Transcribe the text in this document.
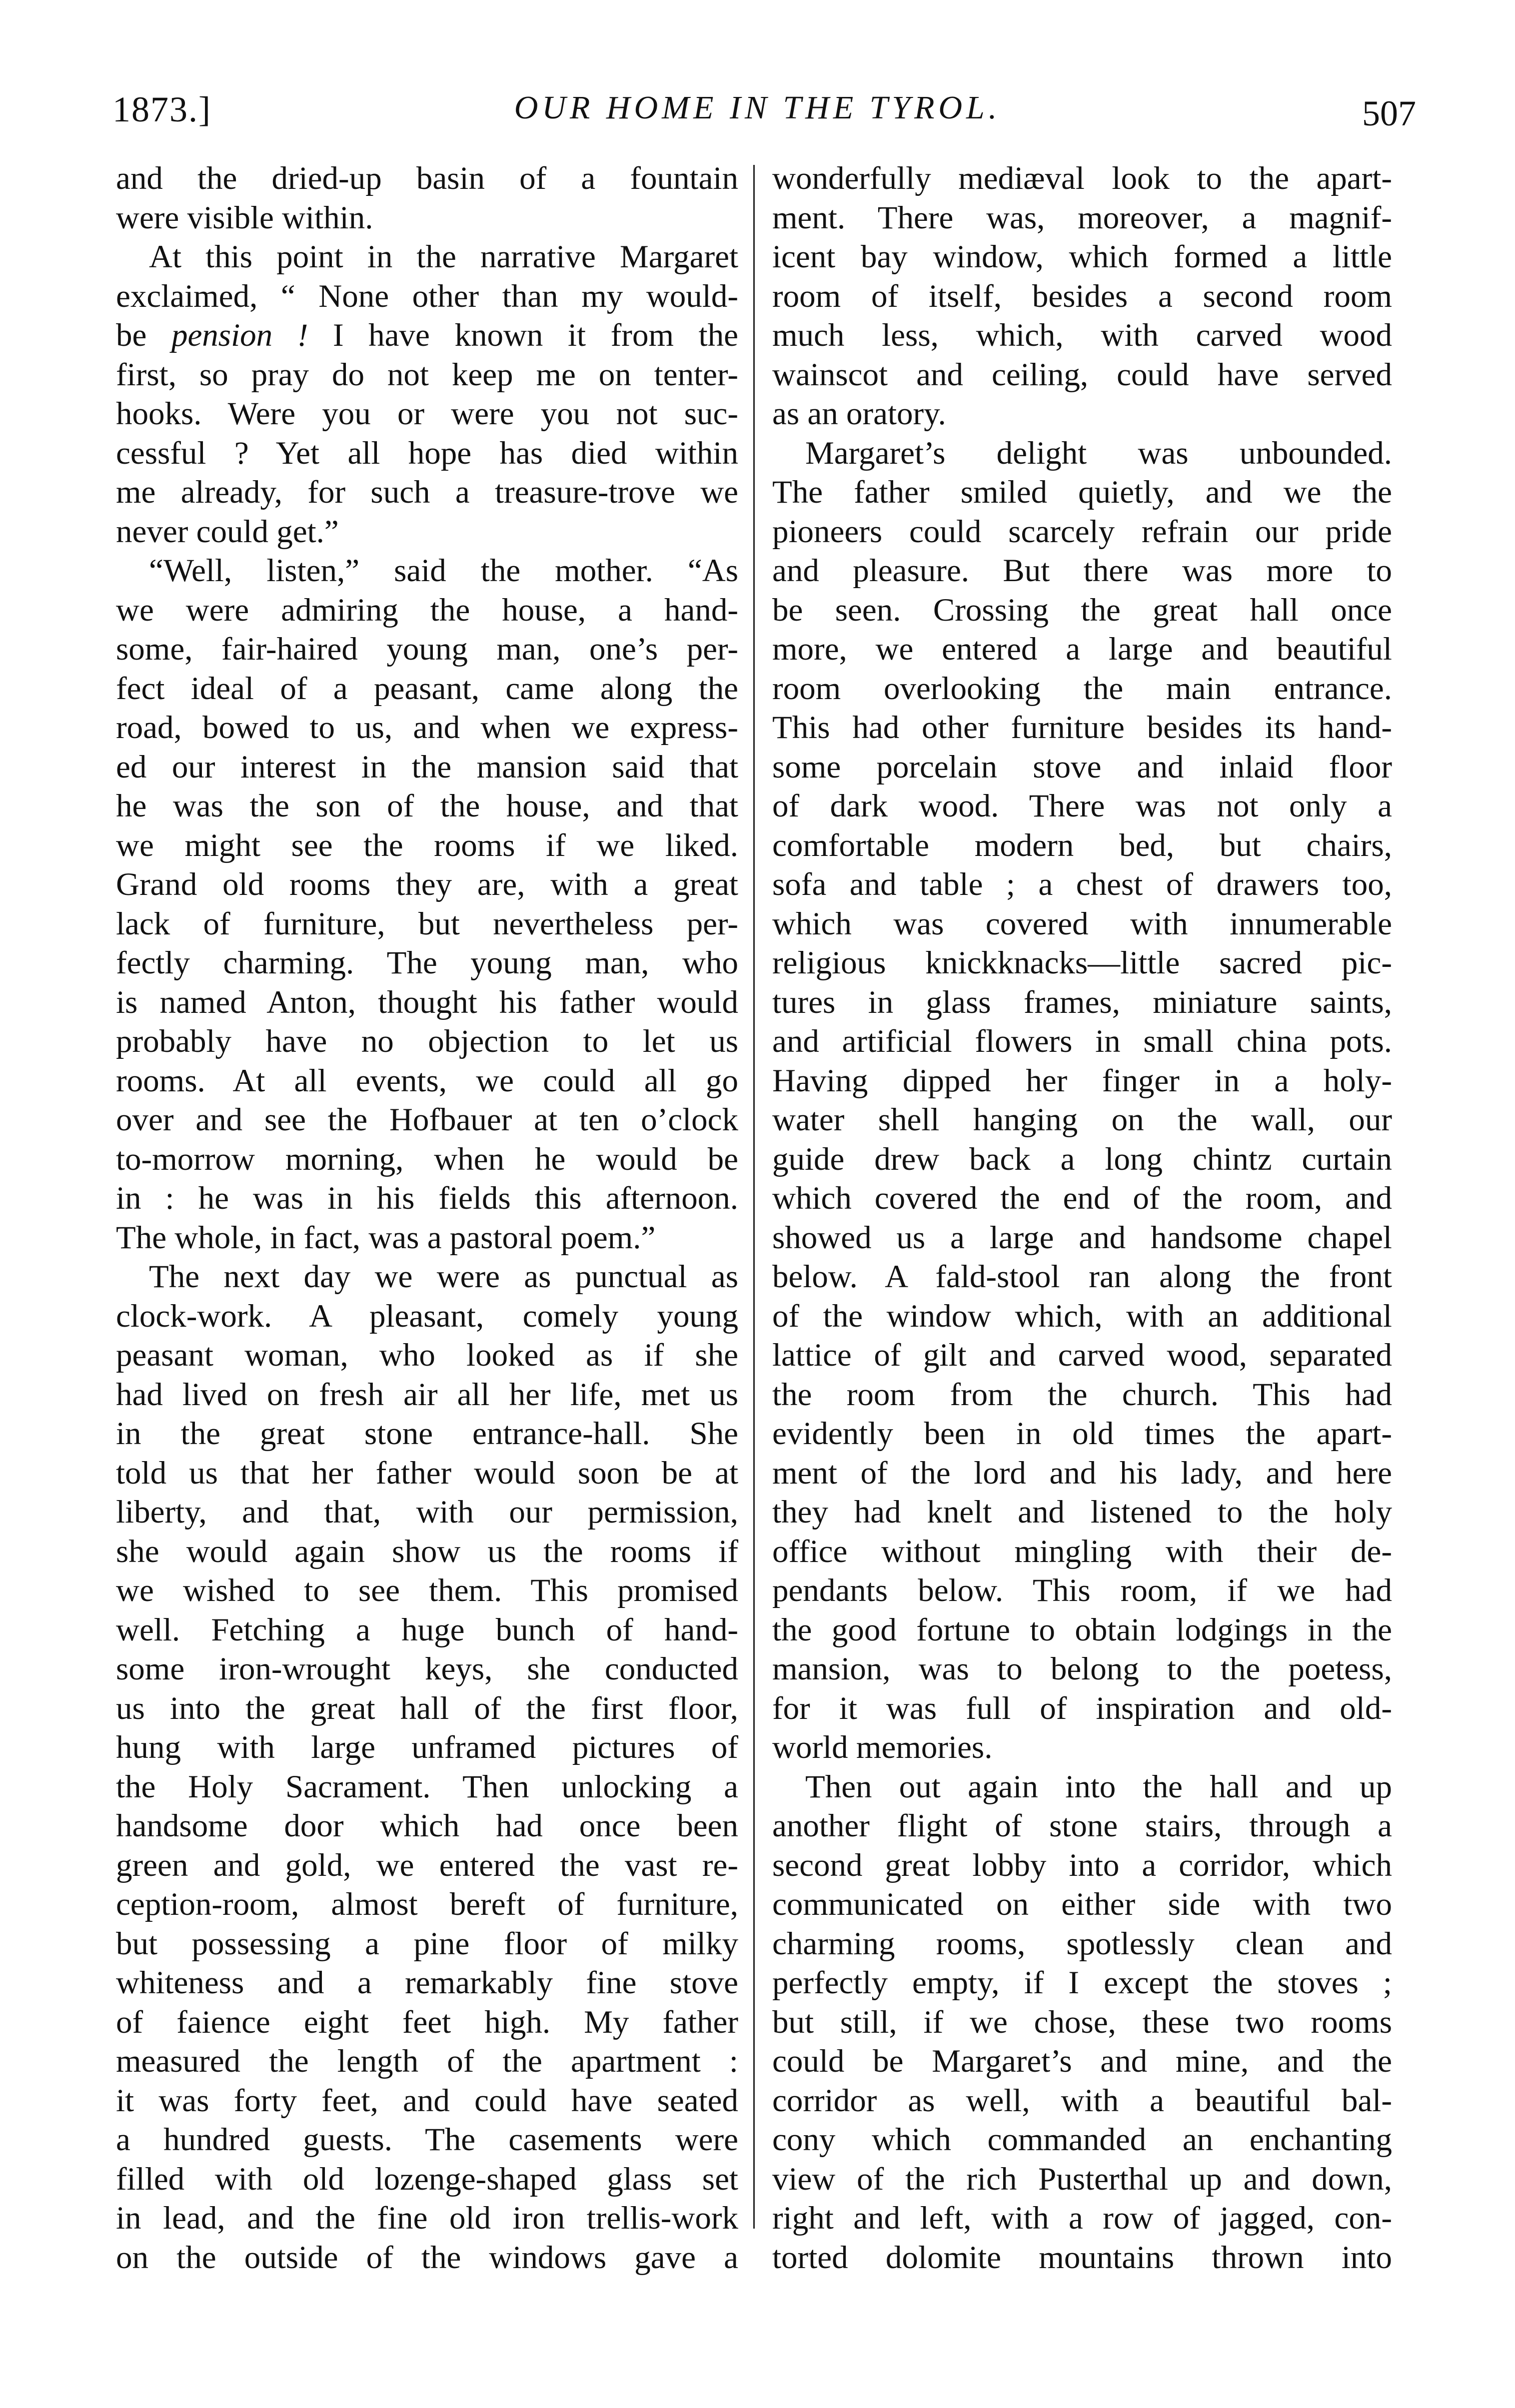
1873.]	OUR HOME IN THE TYROL.	507
and the dried-up basin of a fountain
were visible within.
At this point in the narrative Margaret
exclaimed, “ None other than my would-
be pension ! I have known it from the
first, so pray do not keep me on tenter-
hooks. Were you or were you not suc-
cessful ? Yet all hope has died within
me already, for such a treasure-trove we
never could get.”
“Well, listen,” said the mother. “As
we were admiring the house, a hand-
some, fair-haired young man, one’s per-
fect ideal of a peasant, came along the
road, bowed to us, and when we express-
ed our interest in the mansion said that
he was the son of the house, and that
we might see the rooms if we liked.
Grand old rooms they are, with a great
lack of furniture, but nevertheless per-
fectly charming. The young man, who
is named Anton, thought his father would
probably have no objection to let us
rooms. At all events, we could all go
over and see the Hofbauer at ten o’clock
to-morrow morning, when he would be
in : he was in his fields this afternoon.
The whole, in fact, was a pastoral poem.”
The next day we were as punctual as
clock-work. A pleasant, comely young
peasant woman, who looked as if she
had lived on fresh air all her life, met us
in the great stone entrance-hall. She
told us that her father would soon be at
liberty, and that, with our permission,
she would again show us the rooms if
we wished to see them. This promised
well. Fetching a huge bunch of hand-
some iron-wrought keys, she conducted
us into the great hall of the first floor,
hung with large unframed pictures of
the Holy Sacrament. Then unlocking a
handsome door which had once been
green and gold, we entered the vast re-
ception-room, almost bereft of furniture,
but possessing a pine floor of milky
whiteness and a remarkably fine stove
of faience eight feet high. My father
measured the length of the apartment :
it was forty feet, and could have seated
a hundred guests. The casements were
filled with old lozenge-shaped glass set
in lead, and the fine old iron trellis-work
on the outside of the windows gave a
wonderfully mediæval look to the apart-
ment. There was, moreover, a magnif-
icent bay window, which formed a little
room of itself, besides a second room
much less, which, with carved wood
wainscot and ceiling, could have served
as an oratory.
Margaret’s delight was unbounded.
The father smiled quietly, and we the
pioneers could scarcely refrain our pride
and pleasure. But there was more to
be seen. Crossing the great hall once
more, we entered a large and beautiful
room overlooking the main entrance.
This had other furniture besides its hand-
some porcelain stove and inlaid floor
of dark wood. There was not only a
comfortable modern bed, but chairs,
sofa and table ; a chest of drawers too,
which was covered with innumerable
religious knickknacks—little sacred pic-
tures in glass frames, miniature saints,
and artificial flowers in small china pots.
Having dipped her finger in a holy-
water shell hanging on the wall, our
guide drew back a long chintz curtain
which covered the end of the room, and
showed us a large and handsome chapel
below. A fald-stool ran along the front
of the window which, with an additional
lattice of gilt and carved wood, separated
the room from the church. This had
evidently been in old times the apart-
ment of the lord and his lady, and here
they had knelt and listened to the holy
office without mingling with their de-
pendants below. This room, if we had
the good fortune to obtain lodgings in the
mansion, was to belong to the poetess,
for it was full of inspiration and old-
world memories.
Then out again into the hall and up
another flight of stone stairs, through a
second great lobby into a corridor, which
communicated on either side with two
charming rooms, spotlessly clean and
perfectly empty, if I except the stoves ;
but still, if we chose, these two rooms
could be Margaret’s and mine, and the
corridor as well, with a beautiful bal-
cony which commanded an enchanting
view of the rich Pusterthal up and down,
right and left, with a row of jagged, con-
torted dolomite mountains thrown into
